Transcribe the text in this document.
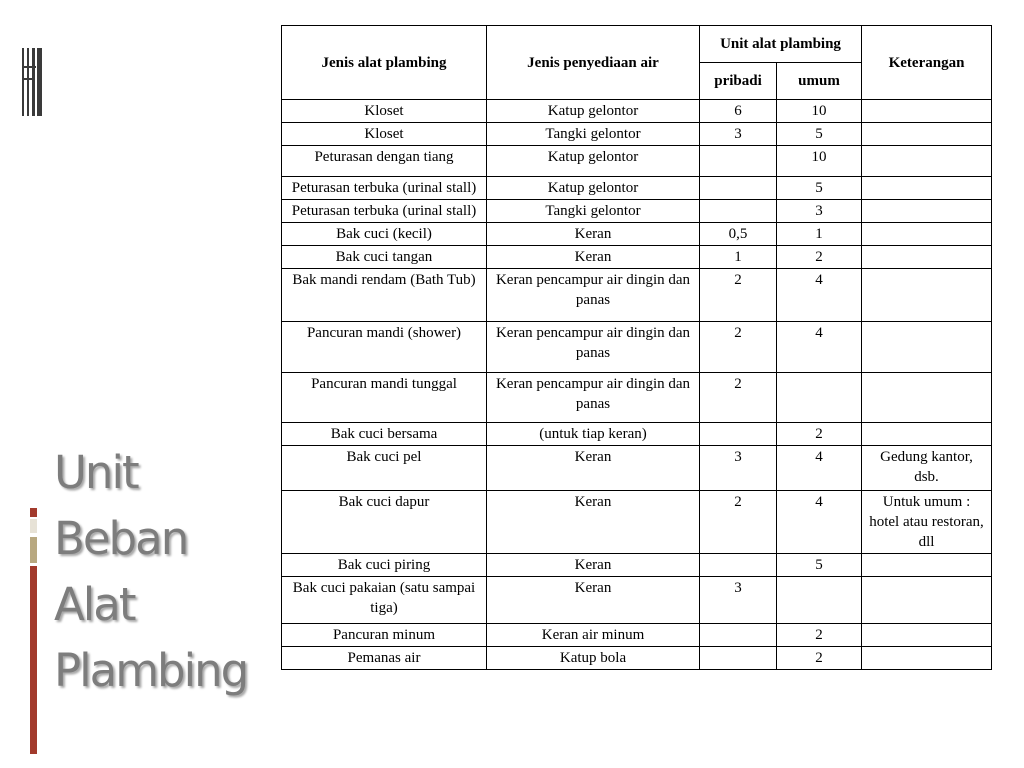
Unit
Beban
Alat
Plambing
Jenis alat plambing	Jenis penyediaan air	Unit alat plambing		Keterangan
		pribadi	umum	
Kloset	Katup gelontor	6	10	
Kloset	Tangki gelontor	3	5	
Peturasan dengan tiang	Katup gelontor		10	
Peturasan terbuka (urinal stall)	Katup gelontor		5	
Peturasan terbuka (urinal stall)	Tangki gelontor		3	
Bak cuci (kecil)	Keran	0,5	1	
Bak cuci tangan	Keran	1	2	
Bak mandi rendam (Bath Tub)	Keran pencampur air dingin dan panas	2	4	
Pancuran mandi (shower)	Keran pencampur air dingin dan panas	2	4	
Pancuran mandi tunggal	Keran pencampur air dingin dan panas	2		
Bak cuci bersama	(untuk tiap keran)		2	
Bak cuci pel	Keran	3	4	Gedung kantor, dsb.
Bak cuci dapur	Keran	2	4	Untuk umum : hotel atau restoran, dll
Bak cuci piring	Keran		5	
Bak cuci pakaian (satu sampai tiga)	Keran	3		
Pancuran minum	Keran air minum		2	
Pemanas air	Katup bola		2	
